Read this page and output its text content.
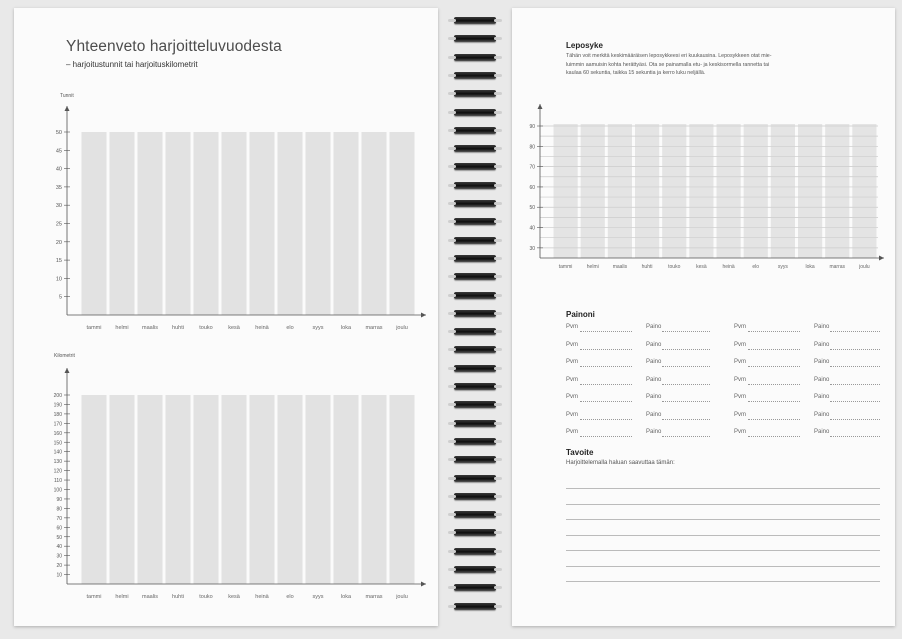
Yhteenveto harjoitteluvuodesta
– harjoitustunnit tai harjoituskilometrit
Tunnit
5
10
15
20
25
30
35
40
45
50
tammi	helmi maalis	huhti	touko	kesä	heinä	elo	syys	loka	marras joulu
Kilometrit
10
20
30
40
50
60
70
80
90
100
110
120
130
140
150
160
170
180
190
200
tammi	helmi maalis	huhti	touko	kesä	heinä	elo	syys	loka	marras joulu
Leposyke
Tähän voit merkitä keskimääräisen leposykkeesi eri kuukausina. Leposykkeen otat mie-
luimmin aamuisin kohta herättyäsi. Ota se painamalla etu- ja keskisormella rannetta tai
kaulaa 60 sekuntia, taikka 15 sekuntia ja kerro luku neljällä.
30
40
50
60
70
80
90
tammi	helmi	maalis	huhti	touko	kesä	heinä	elo	syys	loka	marras	joulu
Painoni
Pvm	Paino	Pvm	Paino
Pvm	Paino	Pvm	Paino
Pvm	Paino	Pvm	Paino
Pvm	Paino	Pvm	Paino
Pvm	Paino	Pvm	Paino
Pvm	Paino	Pvm	Paino
Pvm	Paino	Pvm	Paino
Tavoite
Harjoittelemalla haluan saavuttaa tämän:
